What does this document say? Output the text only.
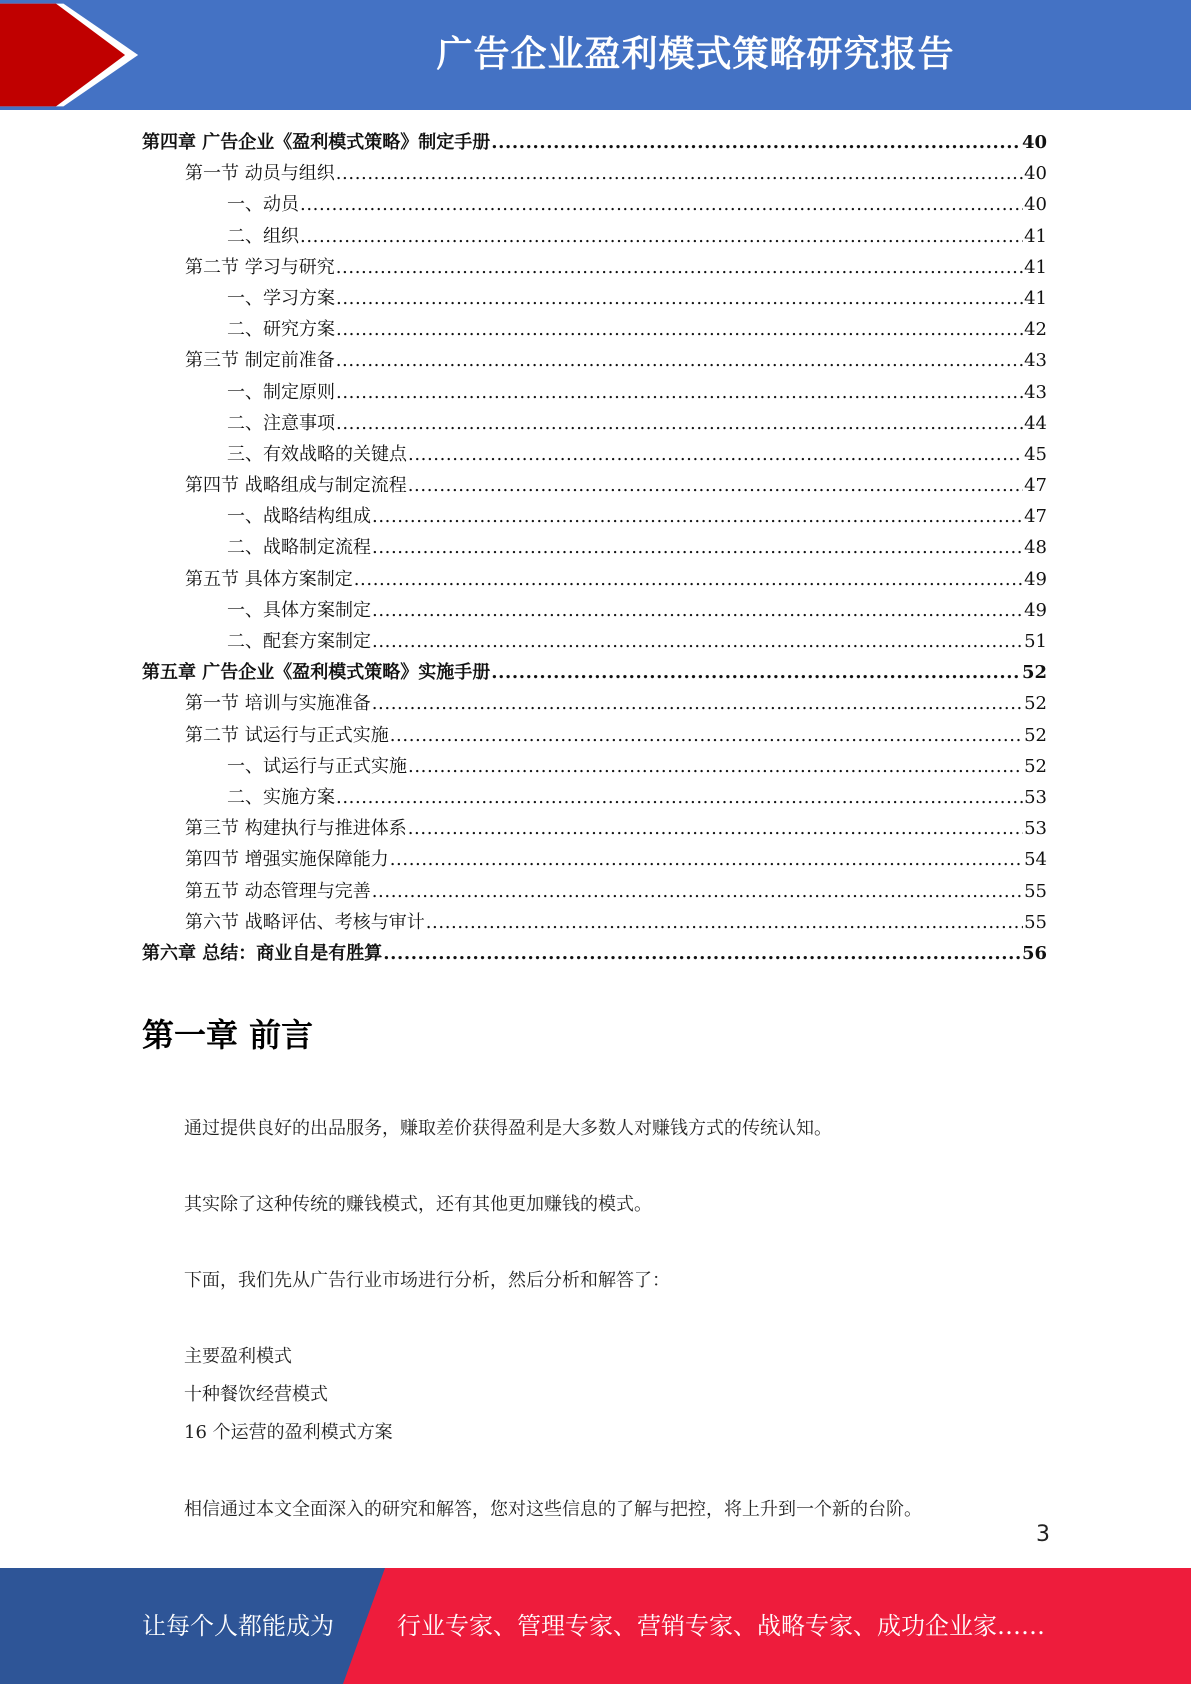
广告企业盈利模式策略研究报告
第四章 广告企业《盈利模式策略》制定手册 .....	40
第一节 动员与组织 .....	40
一、动员 .....	40
二、组织 .....	41
第二节 学习与研究 .....	41
一、学习方案 .....	41
二、研究方案 .....	42
第三节 制定前准备 .....	43
一、制定原则 .....	43
二、注意事项 .....	44
三、有效战略的关键点 .....	45
第四节 战略组成与制定流程 .....	47
一、战略结构组成 .....	47
二、战略制定流程 .....	48
第五节 具体方案制定 .....	49
一、具体方案制定 .....	49
二、配套方案制定 .....	51
第五章 广告企业《盈利模式策略》实施手册 .....	52
第一节 培训与实施准备 .....	52
第二节 试运行与正式实施 .....	52
一、试运行与正式实施 .....	52
二、实施方案 .....	53
第三节 构建执行与推进体系 .....	53
第四节 增强实施保障能力 .....	54
第五节 动态管理与完善 .....	55
第六节 战略评估、考核与审计 .....	55
第六章 总结：商业自是有胜算 .....	56
第一章 前言
通过提供良好的出品服务，赚取差价获得盈利是大多数人对赚钱方式的传统认知。
其实除了这种传统的赚钱模式，还有其他更加赚钱的模式。
下面，我们先从广告行业市场进行分析，然后分析和解答了：
主要盈利模式
十种餐饮经营模式
16 个运营的盈利模式方案
相信通过本文全面深入的研究和解答，您对这些信息的了解与把控，将上升到一个新的台阶。
3
让每个人都能成为	行业专家、管理专家、营销专家、战略专家、成功企业家……
